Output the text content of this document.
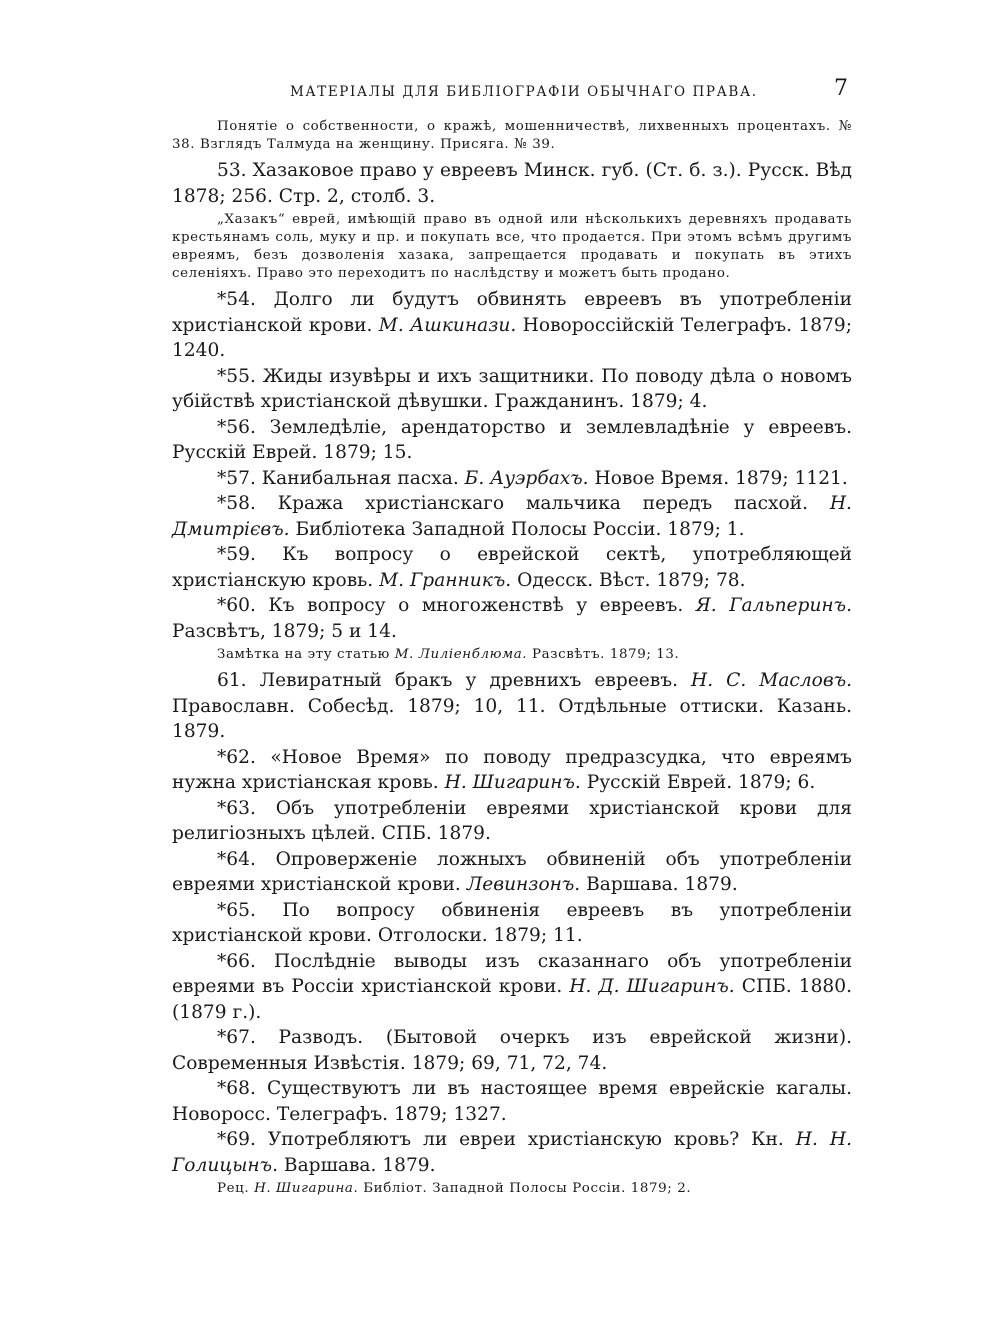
МАТЕРІАЛЫ ДЛЯ БИБЛІОГРАФІИ ОБЫЧНАГО ПРАВА.	7

Понятіе о собственности, о кражѣ, мошенничествѣ, лихвенныхъ процентахъ. № 38. Взглядъ Талмуда на женщину. Присяга. № 39.

53. Хазаковое право у евреевъ Минск. губ. (Ст. б. з.). Русск. Вѣд 1878; 256. Стр. 2, столб. 3.

„Хазакъ“ еврей, имѣющій право въ одной или нѣсколькихъ деревняхъ продавать крестьянамъ соль, муку и пр. и покупать все, что продается. При этомъ всѣмъ другимъ евреямъ, безъ дозволенія хазака, запрещается продавать и покупать въ этихъ селеніяхъ. Право это переходитъ по наслѣдству и можетъ быть продано.

*54. Долго ли будутъ обвинять евреевъ въ употребленіи христіанской крови. М. Ашкинази. Новороссійскій Телеграфъ. 1879; 1240.

*55. Жиды изувѣры и ихъ защитники. По поводу дѣла о новомъ убійствѣ христіанской дѣвушки. Гражданинъ. 1879; 4.

*56. Земледѣліе, арендаторство и землевладѣніе у евреевъ. Русскій Еврей. 1879; 15.

*57. Канибальная пасха. Б. Ауэрбахъ. Новое Время. 1879; 1121.

*58. Кража христіанскаго мальчика передъ пасхой. Н. Дмитрієвъ. Библіотека Западной Полосы Россіи. 1879; 1.

*59. Къ вопросу о еврейской сектѣ, употребляющей христіанскую кровь. М. Гранникъ. Одесск. Вѣст. 1879; 78.

*60. Къ вопросу о многоженствѣ у евреевъ. Я. Гальперинъ. Разсвѣтъ, 1879; 5 и 14.

Замѣтка на эту статью М. Лиліенблюма. Разсвѣтъ. 1879; 13.

61. Левиратный бракъ у древнихъ евреевъ. Н. С. Масловъ. Православн. Собесѣд. 1879; 10, 11. Отдѣльные оттиски. Казань. 1879.

*62. «Новое Время» по поводу предразсудка, что евреямъ нужна христіанская кровь. Н. Шигаринъ. Русскій Еврей. 1879; 6.

*63. Объ употребленіи евреями христіанской крови для религіозныхъ цѣлей. СПБ. 1879.

*64. Опроверженіе ложныхъ обвиненій объ употребленіи евреями христіанской крови. Левинзонъ. Варшава. 1879.

*65. По вопросу обвиненія евреевъ въ употребленіи христіанской крови. Отголоски. 1879; 11.

*66. Послѣдніе выводы изъ сказаннаго объ употребленіи евреями въ Россіи христіанской крови. Н. Д. Шигаринъ. СПБ. 1880. (1879 г.).

*67. Разводъ. (Бытовой очеркъ изъ еврейской жизни). Современныя Извѣстія. 1879; 69, 71, 72, 74.

*68. Существуютъ ли въ настоящее время еврейскіе кагалы. Новоросс. Телеграфъ. 1879; 1327.

*69. Употребляютъ ли евреи христіанскую кровь? Кн. Н. Н. Голицынъ. Варшава. 1879.

Рец. Н. Шигарина. Библіот. Западной Полосы Россіи. 1879; 2.
